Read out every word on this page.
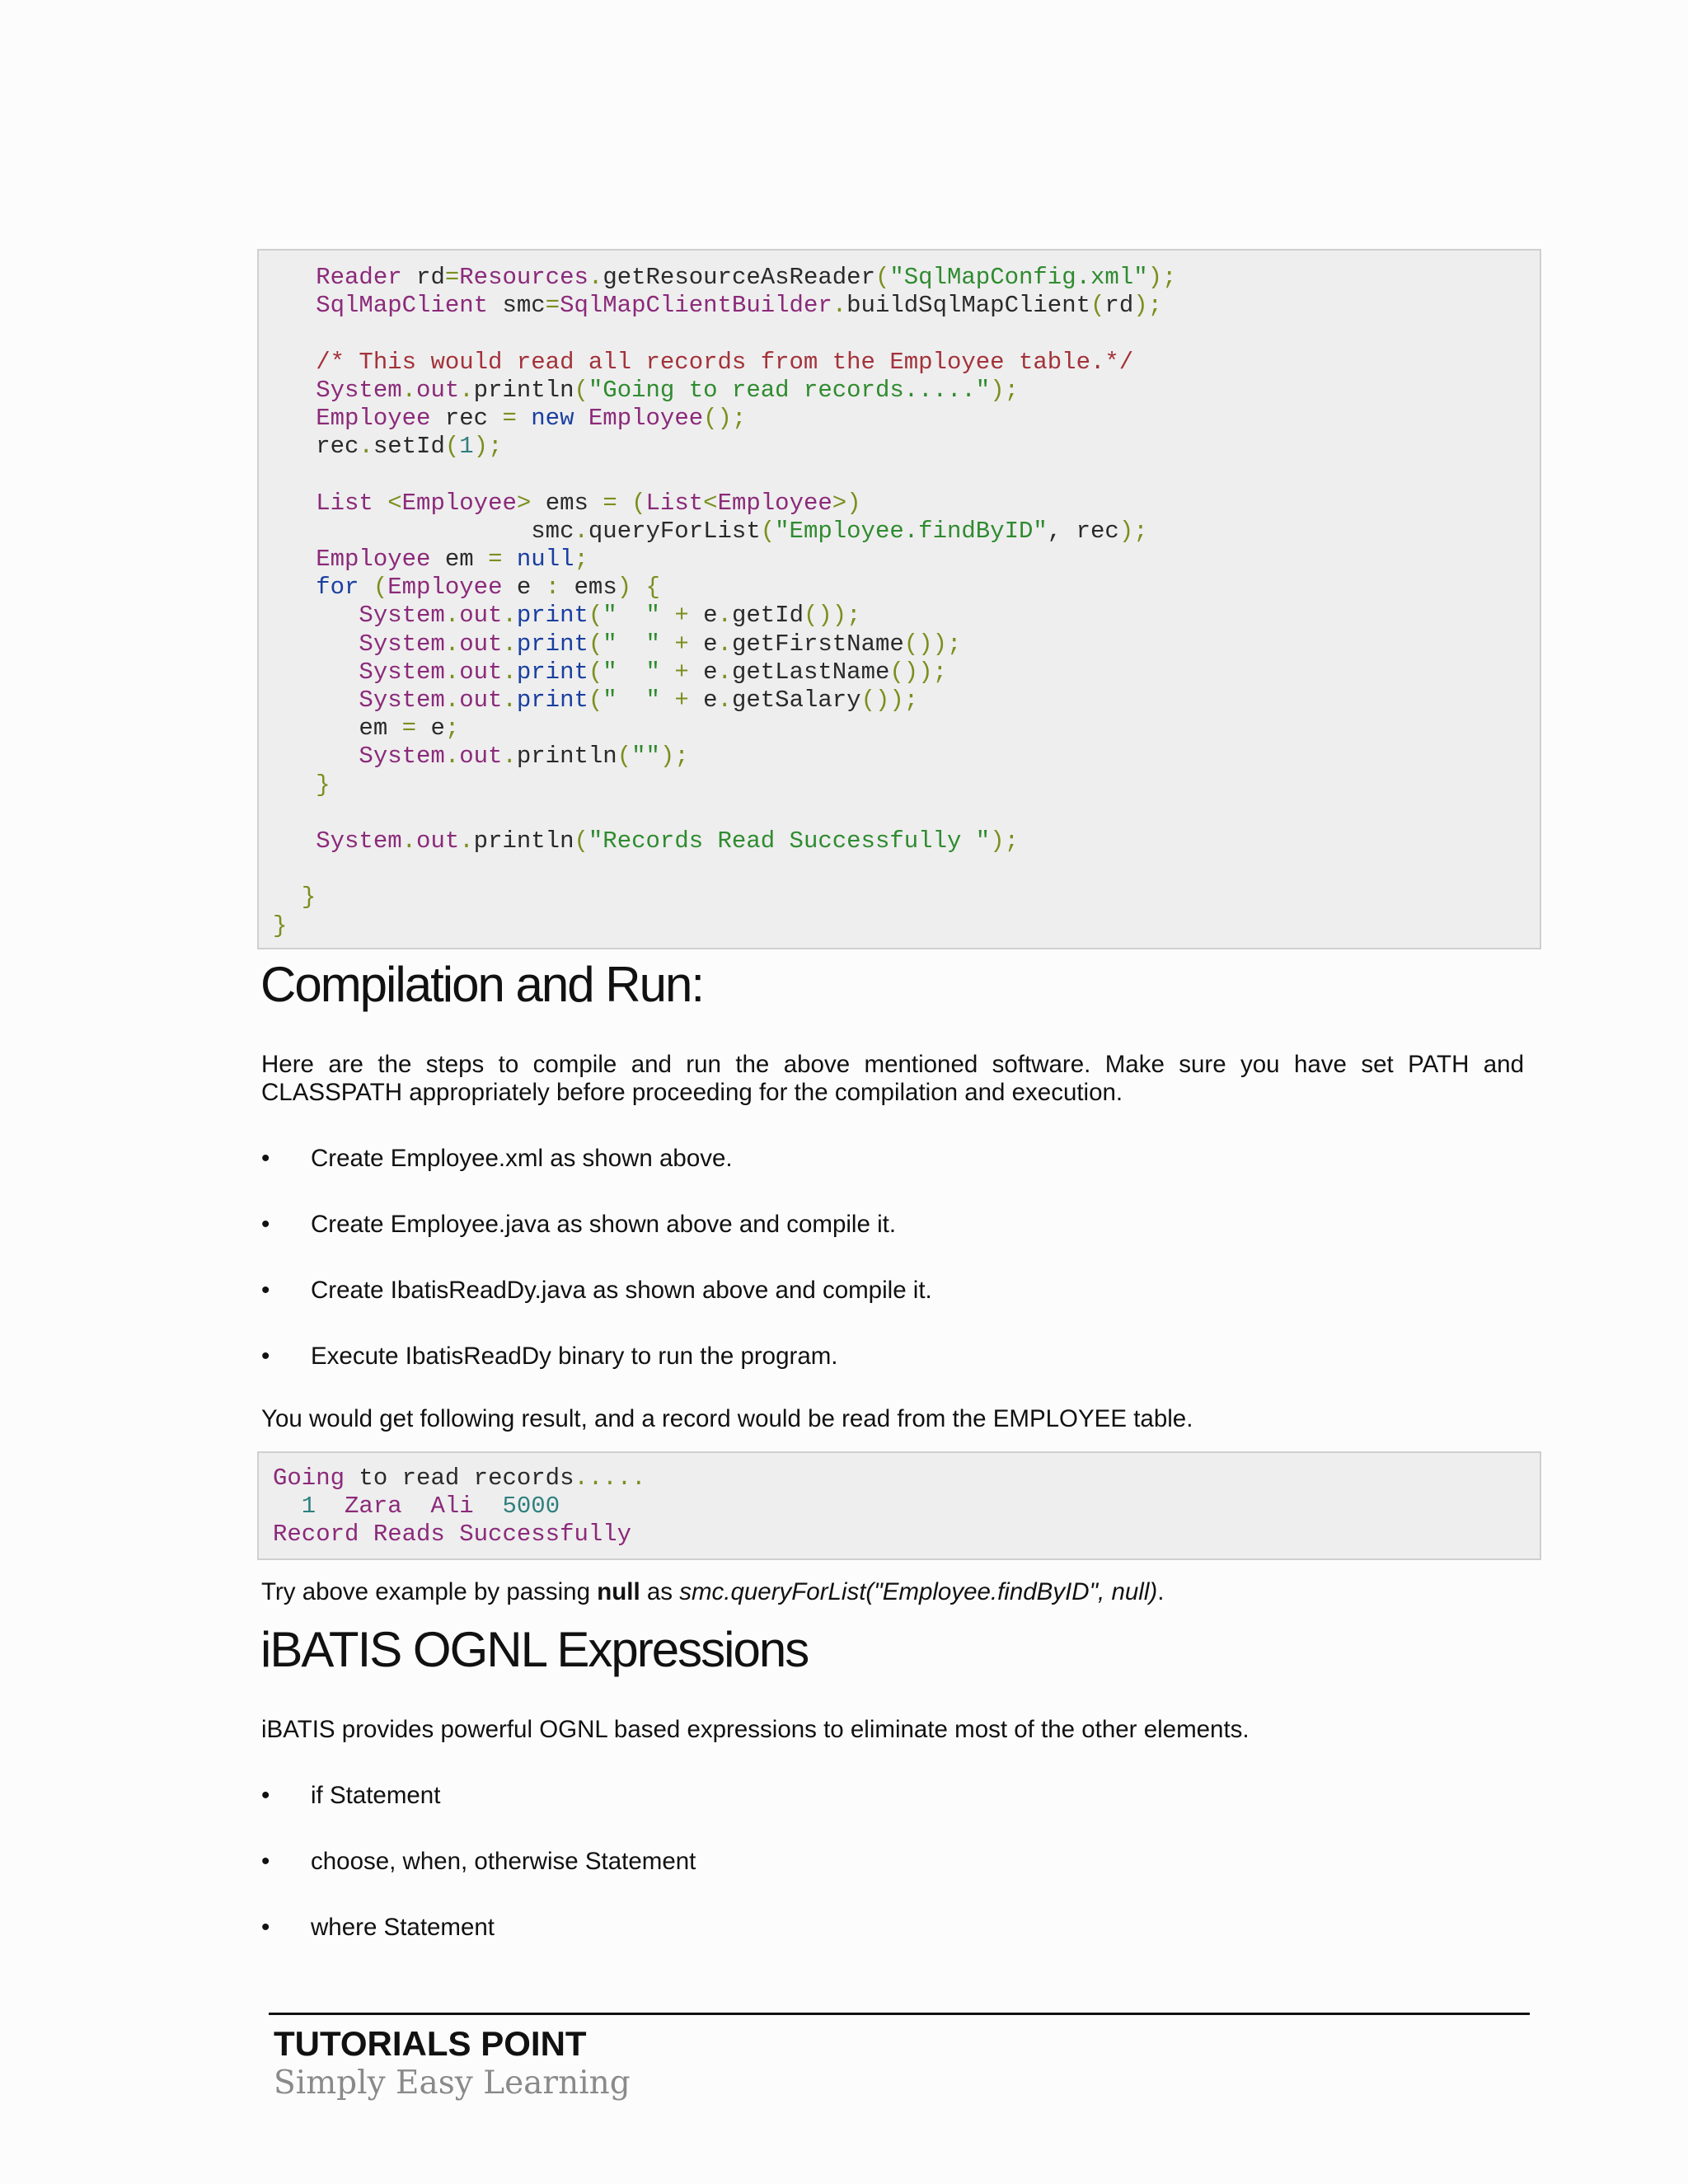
Reader rd=Resources.getResourceAsReader("SqlMapConfig.xml");
SqlMapClient smc=SqlMapClientBuilder.buildSqlMapClient(rd);

/* This would read all records from the Employee table.*/
System.out.println("Going to read records.....");
Employee rec = new Employee();
rec.setId(1);

List <Employee> ems = (List<Employee>)
smc.queryForList("Employee.findByID", rec);
Employee em = null;
for (Employee e : ems) {
System.out.print("  " + e.getId());
System.out.print("  " + e.getFirstName());
System.out.print("  " + e.getLastName());
System.out.print("  " + e.getSalary());
em = e;
System.out.println("");
}

System.out.println("Records Read Successfully ");

}
}
Compilation and Run:

Here are the steps to compile and run the above mentioned software. Make sure you have set PATH and CLASSPATH appropriately before proceeding for the compilation and execution.

• Create Employee.xml as shown above.
• Create Employee.java as shown above and compile it.
• Create IbatisReadDy.java as shown above and compile it.
• Execute IbatisReadDy binary to run the program.

You would get following result, and a record would be read from the EMPLOYEE table.

Going to read records.....
1  Zara Ali 5000
Record Reads Successfully

Try above example by passing null as smc.queryForList("Employee.findByID", null).

iBATIS OGNL Expressions

iBATIS provides powerful OGNL based expressions to eliminate most of the other elements.

• if Statement
• choose, when, otherwise Statement
• where Statement
TUTORIALS POINT
Simply Easy Learning
